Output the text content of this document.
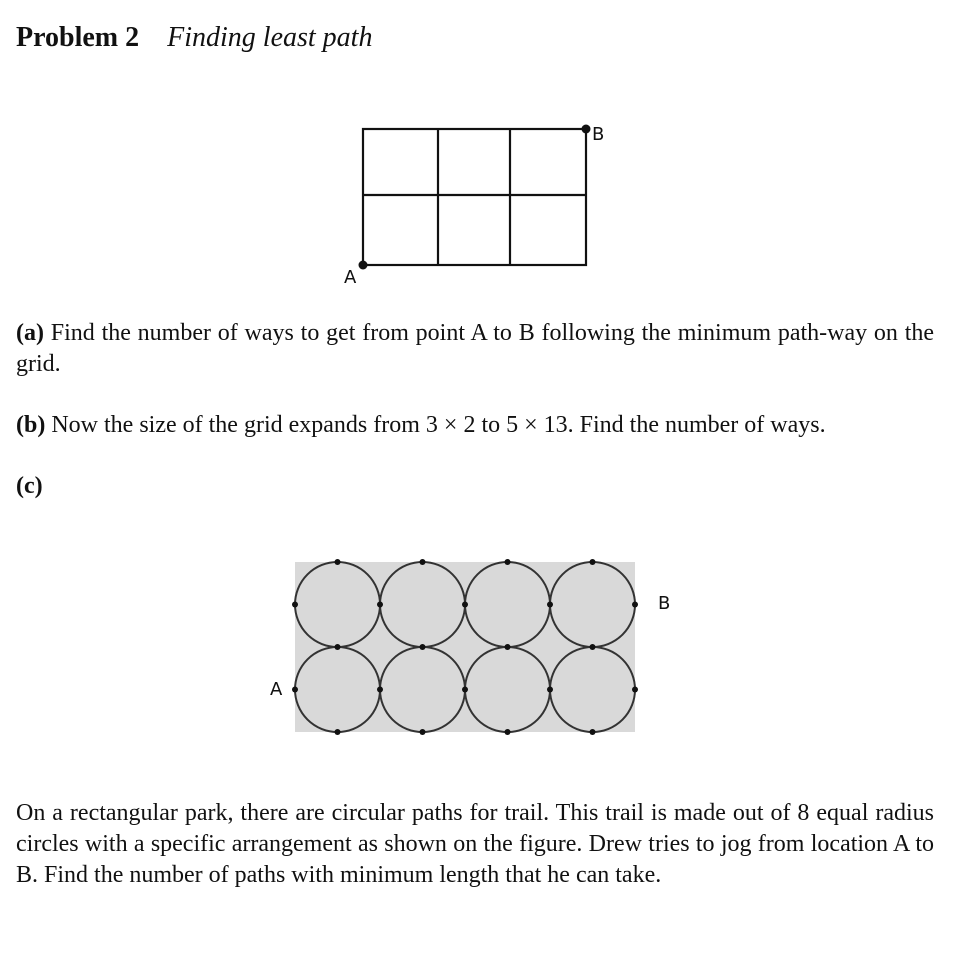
Problem 2 Finding least path
A
B
(a) Find the number of ways to get from point A to B following the minimum path-way on the grid.
(b) Now the size of the grid expands from 3 × 2 to 5 × 13. Find the number of ways.
(c)
A
B
On a rectangular park, there are circular paths for trail. This trail is made out of 8 equal radius circles with a specific arrangement as shown on the figure. Drew tries to jog from location A to B. Find the number of paths with minimum length that he can take.
